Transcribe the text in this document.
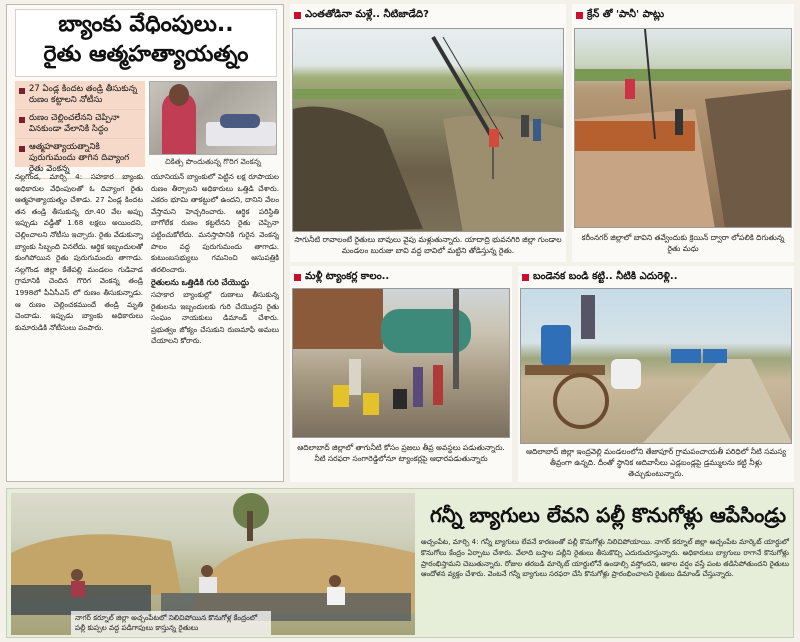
బ్యాంకు వేధింపులు..
రైతు ఆత్మహత్యాయత్నం
27 ఏండ్ల కిందట తండ్రి తీసుకున్న రుణం కట్టాలని నోటీసు
రుణం చెల్లించలేనని చెప్పినా వినకుండా వేలానికి సిద్ధం
ఆత్మహత్యాయత్నానికి పురుగుమందు తాగిన దివ్యాంగ రైతు వెంకన్న
చికిత్స పొందుతున్న గొరిగ వెంకన్న
నల్లగొండ, మార్చి 4: సహకార బ్యాంకు అధికారుల వేధింపులతో ఓ దివ్యాంగ రైతు ఆత్మహత్యాయత్నం చేశాడు. 27 ఏండ్ల కిందట తన తండ్రి తీసుకున్న రూ.40 వేల అప్పు ఇప్పుడు వడ్డీతో 1.68 లక్షలు అయిందని, చెల్లించాలని నోటీసు ఇచ్చారు. రైతు వేడుకున్నా బ్యాంకు సిబ్బంది వినలేదు. ఆర్థిక ఇబ్బందులతో కుంగిపోయిన రైతు పురుగుమందు తాగాడు. నల్లగొండ జిల్లా కేతేపల్లి మండలం గుడివాడ గ్రామానికి చెందిన గొరిగ వెంకన్న తండ్రి 1998లో పీఏసీఎస్ లో రుణం తీసుకున్నాడు. ఆ రుణం చెల్లించకముందే తండ్రి మృతి చెందాడు. ఇప్పుడు బ్యాంకు అధికారులు కుమారుడికి నోటీసులు పంపారు.
యూనియన్ బ్యాంకులో పెట్టిన లక్ష రూపాయల రుణం తీర్చాలని అధికారులు ఒత్తిడి చేశారు. ఎకరం భూమి తాకట్టులో ఉందని, దానిని వేలం వేస్తామని హెచ్చరించారు. ఆర్థిక పరిస్థితి బాగోలేక రుణం కట్టలేనని రైతు చెప్పినా పట్టించుకోలేదు. మనస్తాపానికి గురైన వెంకన్న పొలం వద్ద పురుగుమందు తాగాడు. కుటుంబసభ్యులు గమనించి ఆసుపత్రికి తరలించారు.
రైతులను ఒత్తిడికి గురి చేయొద్దు
సహకార బ్యాంకుల్లో రుణాలు తీసుకున్న రైతులను ఇబ్బందులకు గురి చేయొద్దని రైతు సంఘం నాయకులు డిమాండ్ చేశారు. ప్రభుత్వం జోక్యం చేసుకుని రుణమాఫీ అమలు చేయాలని కోరారు.
ఎంతతోడినా మళ్లే.. నీటిజాడేది?
సాగునీటి రావాలంటే రైతులు బావులు వైపు మళ్లుతున్నారు. యాదాద్రి భువనగిరి జిల్లా గుండాల మండలం బురుజు బావి వద్ద బావిలో మట్టిని తోడిస్తున్న రైతు.
క్రేన్ తో 'పానీ' పాట్లు
కరీంనగర్ జిల్లాలో బావిని తవ్వేందుకు క్రెయిన్ ద్వారా లోపలికి దిగుతున్న రైతు మధు
మళ్లీ ట్యాంకర్ల కాలం..
ఆదిలాబాద్ జిల్లాలో తాగునీటి కోసం ప్రజలు తీవ్ర అవస్థలు పడుతున్నారు. నీటి సరఫరా సంగారెడ్డిలోనూ ట్యాంకర్లపై ఆధారపడుతున్నారు
బండెనక బండి కట్టి.. నీటికి ఎదురెళ్లి..
ఆదిలాబాద్ జిల్లా ఇంద్రవెల్లి మండలంలోని తేజాపూర్ గ్రామపంచాయతీ పరిధిలో నీటి సమస్య తీవ్రంగా ఉన్నది. దీంతో స్థానిక ఆదివాసీలు ఎడ్లబండ్లపై డ్రమ్ములను కట్టి నీళ్లు తెచ్చుకుంటున్నారు.
నాగర్ కర్నూల్ జిల్లా అచ్చంపేటలో నిలిచిపోయిన కొనుగోళ్ల కేంద్రంలో పల్లీ కుప్పల వద్ద పడిగాపులు కాస్తున్న రైతులు
గన్నీ బ్యాగులు లేవని పల్లీ కొనుగోళ్లు ఆపేసిండ్రు
అచ్చంపేట, మార్చి 4: గన్నీ బ్యాగులు లేవనే కారణంతో పల్లీ కొనుగోళ్లు నిలిచిపోయాయి. నాగర్ కర్నూల్ జిల్లా అచ్చంపేట మార్కెట్ యార్డులో కొనుగోలు కేంద్రం ఏర్పాటు చేశారు. వేలాది బస్తాల పల్లీని రైతులు తీసుకొచ్చి ఎదురుచూస్తున్నారు. అధికారులు బ్యాగులు రాగానే కొనుగోళ్లు ప్రారంభిస్తామని చెబుతున్నారు. రోజుల తరబడి మార్కెట్ యార్డులోనే ఉండాల్సి వస్తోందని, అకాల వర్షం వస్తే పంట తడిసిపోతుందని రైతులు ఆందోళన వ్యక్తం చేశారు. వెంటనే గన్నీ బ్యాగులు సరఫరా చేసి కొనుగోళ్లు ప్రారంభించాలని రైతులు డిమాండ్ చేస్తున్నారు.
